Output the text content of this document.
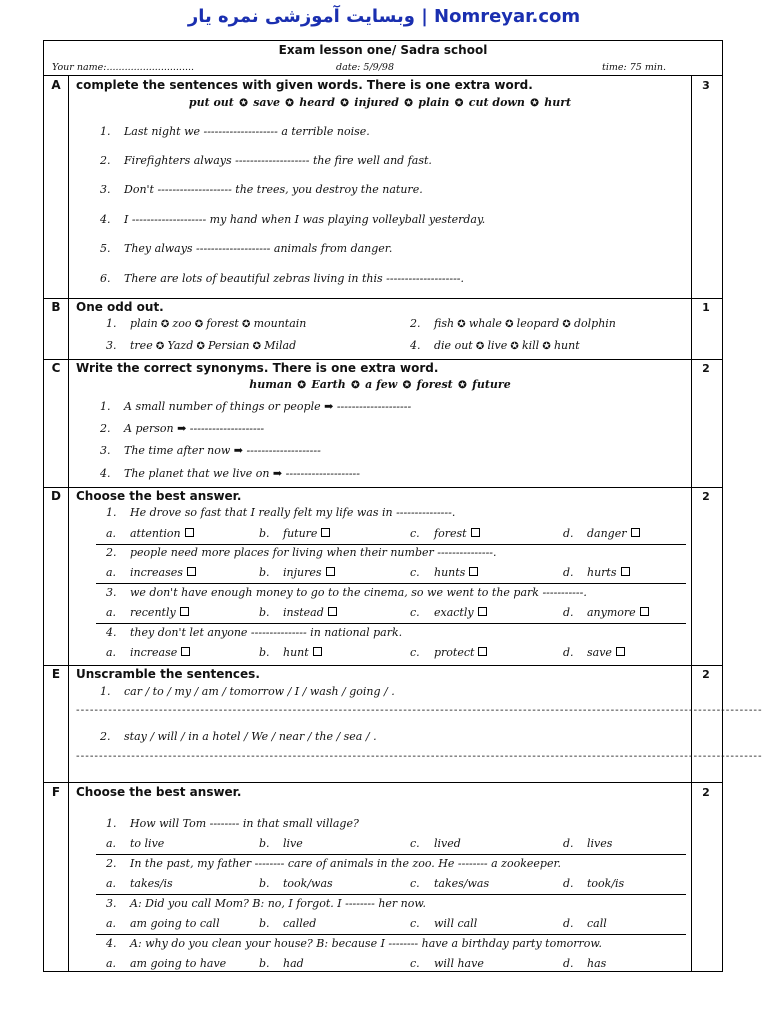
وبسایت آموزشی نمره یار | Nomreyar.com
Exam lesson one/ Sadra school
Your name:.............................	date: 5/9/98	time: 75 min.
A	complete the sentences with given words. There is one extra word.	3
put out ✪ save ✪ heard ✪ injured ✪ plain ✪ cut down ✪ hurt
1. Last night we -------------------- a terrible noise.
2. Firefighters always -------------------- the fire well and fast.
3. Don't -------------------- the trees, you destroy the nature.
4. I -------------------- my hand when I was playing volleyball yesterday.
5. They always -------------------- animals from danger.
6. There are lots of beautiful zebras living in this --------------------.
B	One odd out.	1
1. plain ✪ zoo ✪ forest ✪ mountain	2. fish ✪ whale ✪ leopard ✪ dolphin
3. tree ✪ Yazd ✪ Persian ✪ Milad	4. die out ✪ live ✪ kill ✪ hunt
C	Write the correct synonyms. There is one extra word.	2
human ✪ Earth ✪ a few ✪ forest ✪ future
1. A small number of things or people ➡ --------------------
2. A person ➡ --------------------
3. The time after now ➡ --------------------
4. The planet that we live on ➡ --------------------
D	Choose the best answer.	2
1. He drove so fast that I really felt my life was in ---------------.
a. attention	b. future	c. forest	d. danger
2. people need more places for living when their number ---------------.
a. increases	b. injures	c. hunts	d. hurts
3. we don't have enough money to go to the cinema, so we went to the park -----------.
a. recently	b. instead	c. exactly	d. anymore
4. they don't let anyone --------------- in national park.
a. increase	b. hunt	c. protect	d. save
E	Unscramble the sentences.	2
1. car / to / my / am / tomorrow / I / wash / going / .
-----------------------------------------------------------------------------------------------------------------------------------------------------
2. stay / will / in a hotel / We / near / the / sea / .
-----------------------------------------------------------------------------------------------------------------------------------------------------
F	Choose the best answer.	2
1. How will Tom -------- in that small village?
a. to live	b. live	c. lived	d. lives
2. In the past, my father -------- care of animals in the zoo. He -------- a zookeeper.
a. takes/is	b. took/was	c. takes/was	d. took/is
3. A: Did you call Mom? B: no, I forgot. I -------- her now.
a. am going to call	b. called	c. will call	d. call
4. A: why do you clean your house? B: because I -------- have a birthday party tomorrow.
a. am going to have	b. had	c. will have	d. has
